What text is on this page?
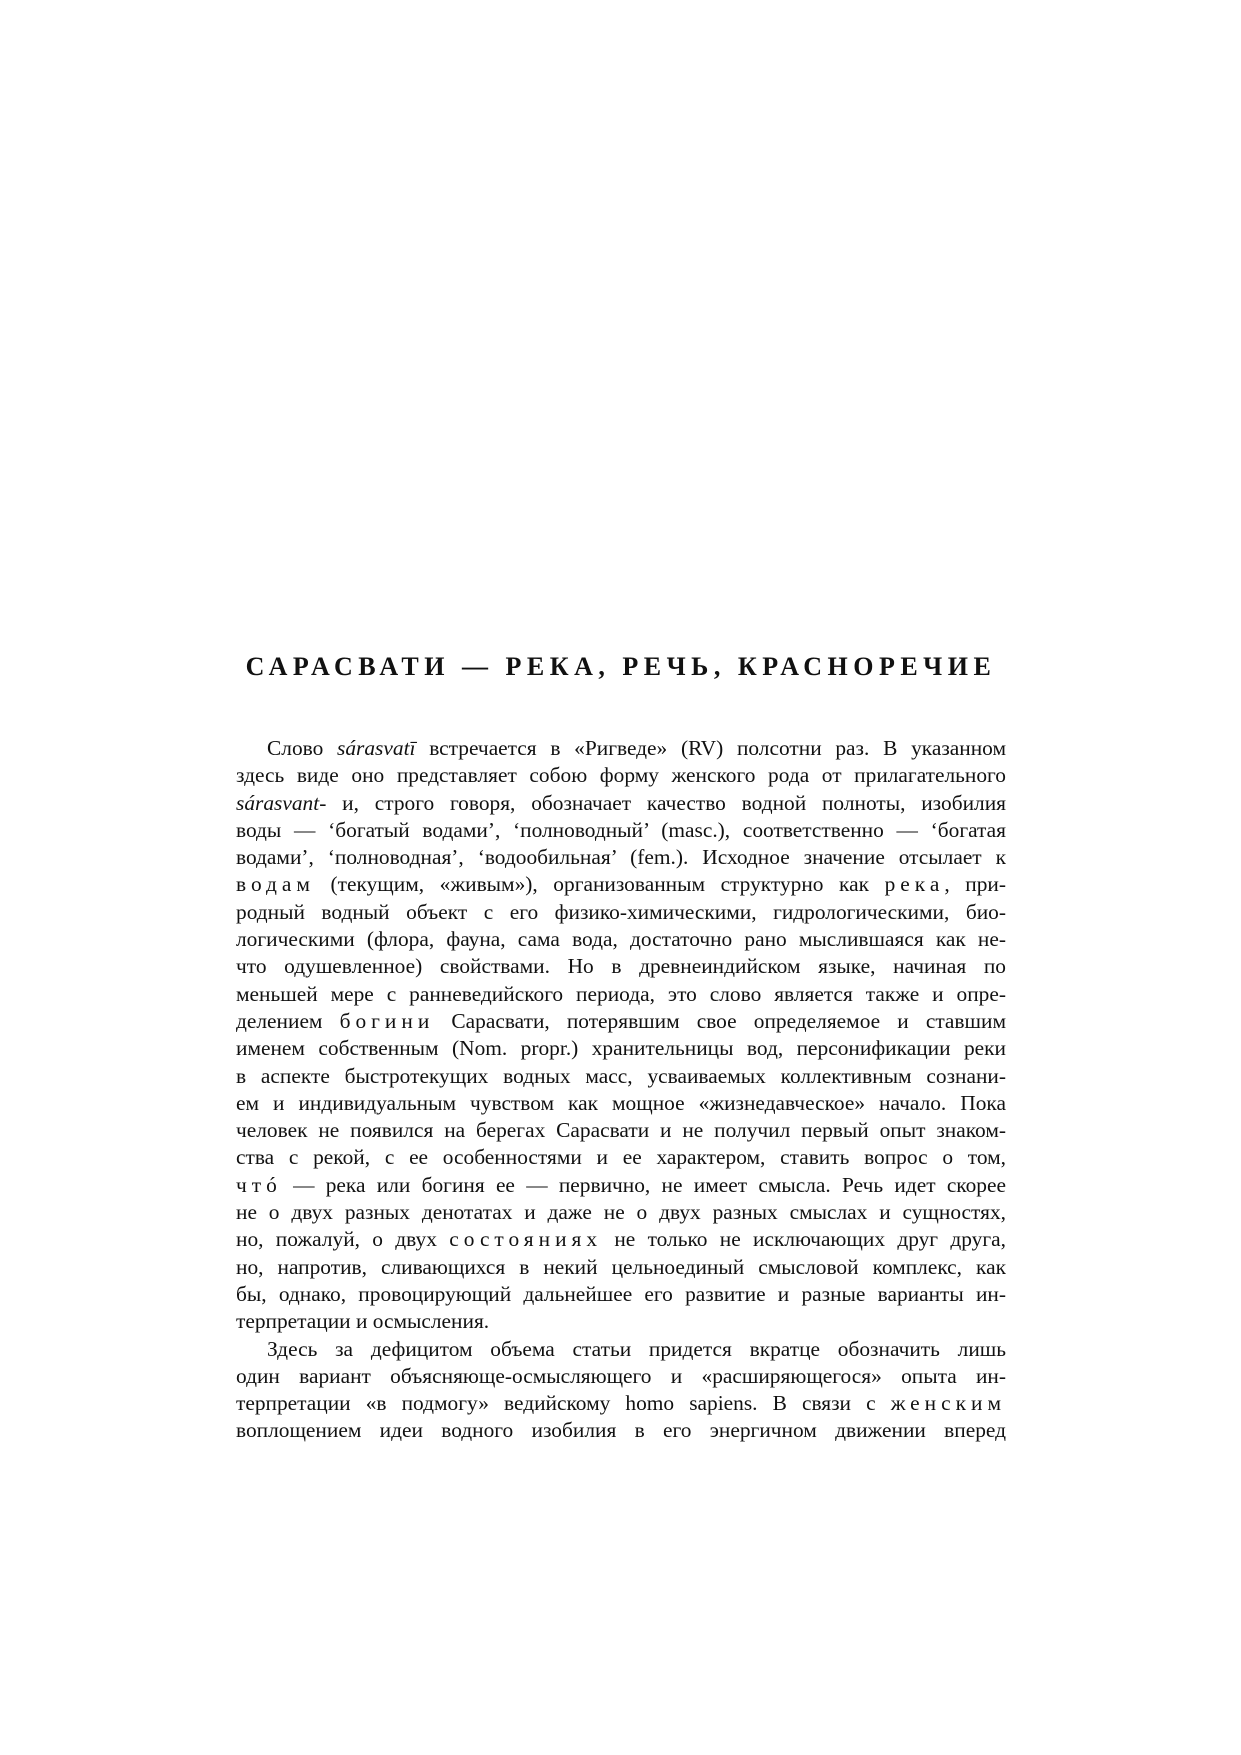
САРАСВАТИ — РЕКА, РЕЧЬ, КРАСНОРЕЧИЕ
Слово sárasvatī встречается в «Ригведе» (RV) полсотни раз. В указанном
здесь виде оно представляет собою форму женского рода от прилагательного
sárasvant- и, строго говоря, обозначает качество водной полноты, изобилия
воды — ‘богатый водами’, ‘полноводный’ (masc.), соответственно — ‘богатая
водами’, ‘полноводная’, ‘водообильная’ (fem.). Исходное значение отсылает к
водам (текущим, «живым»), организованным структурно как река, при-
родный водный объект с его физико-химическими, гидрологическими, био-
логическими (флора, фауна, сама вода, достаточно рано мыслившаяся как не-
что одушевленное) свойствами. Но в древнеиндийском языке, начиная по
меньшей мере с ранневедийского периода, это слово является также и опре-
делением богини Сарасвати, потерявшим свое определяемое и ставшим
именем собственным (Nom. propr.) хранительницы вод, персонификации реки
в аспекте быстротекущих водных масс, усваиваемых коллективным сознани-
ем и индивидуальным чувством как мощное «жизнедавческое» начало. Пока
человек не появился на берегах Сарасвати и не получил первый опыт знаком-
ства с рекой, с ее особенностями и ее характером, ставить вопрос о том,
чтó — река или богиня ее — первично, не имеет смысла. Речь идет скорее
не о двух разных денотатах и даже не о двух разных смыслах и сущностях,
но, пожалуй, о двух состояниях не только не исключающих друг друга,
но, напротив, сливающихся в некий цельноединый смысловой комплекс, как
бы, однако, провоцирующий дальнейшее его развитие и разные варианты ин-
терпретации и осмысления.
Здесь за дефицитом объема статьи придется вкратце обозначить лишь
один вариант объясняюще-осмысляющего и «расширяющегося» опыта ин-
терпретации «в подмогу» ведийскому homo sapiens. В связи с женским
воплощением идеи водного изобилия в его энергичном движении вперед
